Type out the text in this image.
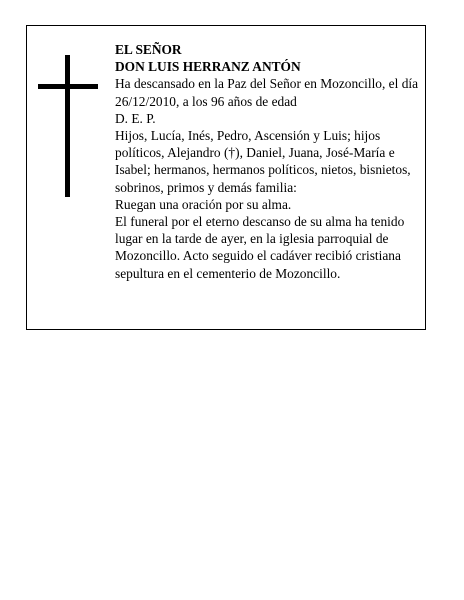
EL SEÑOR

DON LUIS HERRANZ ANTÓN

Ha descansado en la Paz del Señor en Mozoncillo, el día 26/12/2010, a los 96 años de edad

D. E. P.

Hijos, Lucía, Inés, Pedro, Ascensión y Luis; hijos políticos, Alejandro (†), Daniel, Juana, José-María e Isabel; hermanos, hermanos políticos, nietos, bisnietos, sobrinos, primos y demás familia:

Ruegan una oración por su alma.

El funeral por el eterno descanso de su alma ha tenido lugar en la tarde de ayer, en la iglesia parroquial de Mozoncillo. Acto seguido el cadáver recibió cristiana sepultura en el cementerio de Mozoncillo.
